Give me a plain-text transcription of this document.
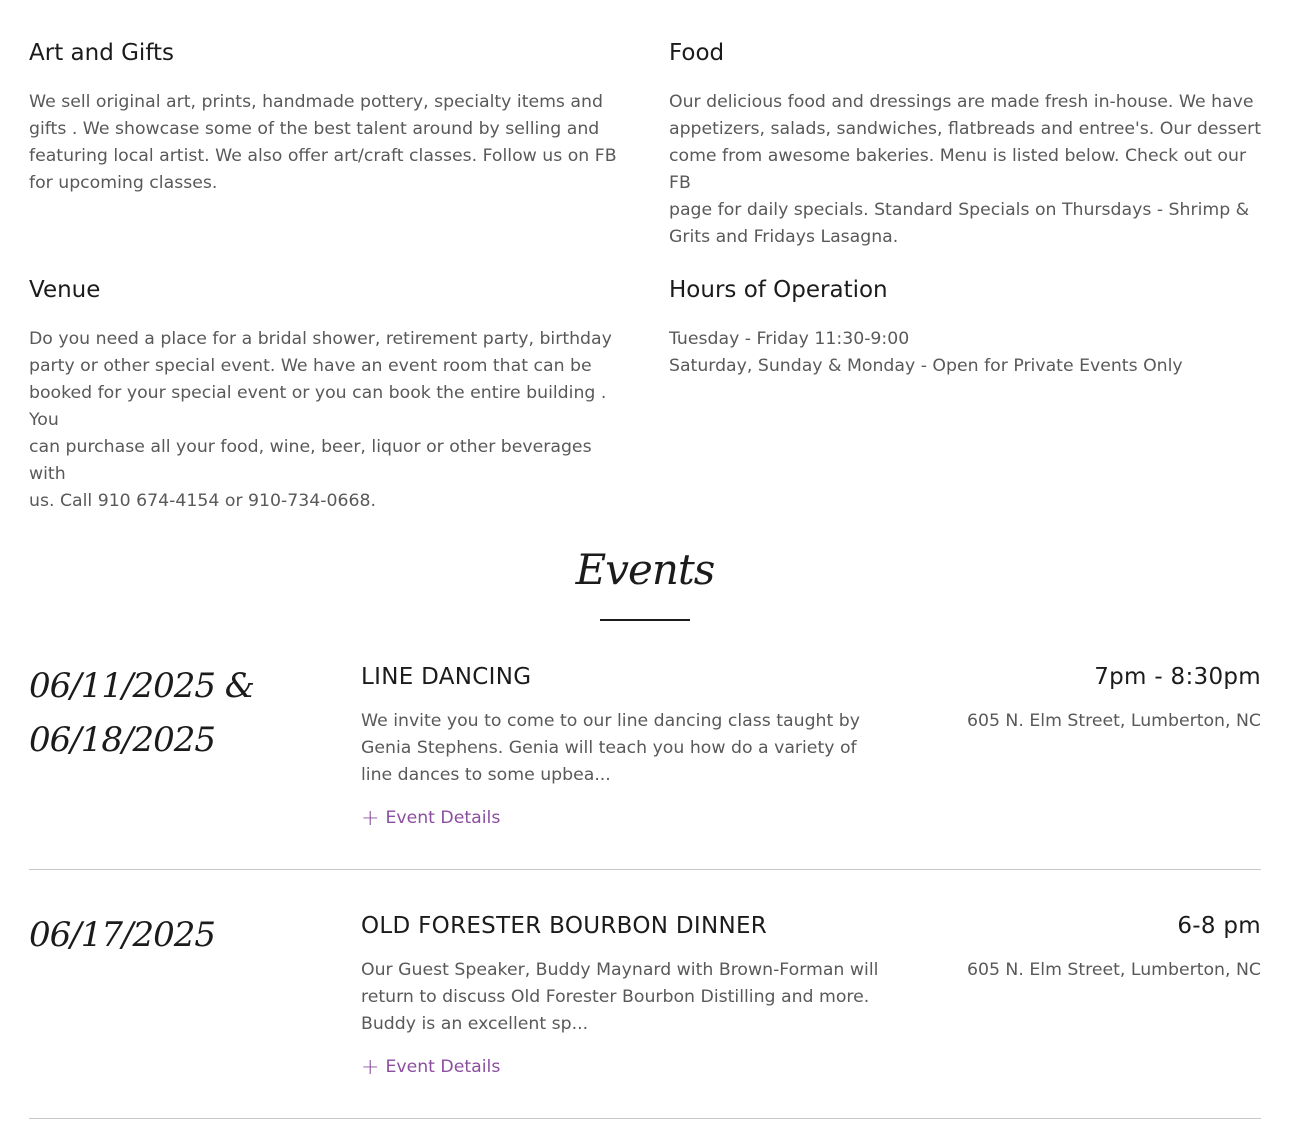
Art and Gifts

We sell original art, prints, handmade pottery, specialty items and
gifts . We showcase some of the best talent around by selling and
featuring local artist. We also offer art/craft classes. Follow us on FB
for upcoming classes.

Food

Our delicious food and dressings are made fresh in-house. We have
appetizers, salads, sandwiches, flatbreads and entree's. Our dessert
come from awesome bakeries. Menu is listed below. Check out our FB
page for daily specials. Standard Specials on Thursdays - Shrimp &
Grits and Fridays Lasagna.

Venue

Do you need a place for a bridal shower, retirement party, birthday
party or other special event. We have an event room that can be
booked for your special event or you can book the entire building . You
can purchase all your food, wine, beer, liquor or other beverages with
us. Call 910 674-4154 or 910-734-0668.

Hours of Operation

Tuesday - Friday 11:30-9:00
Saturday, Sunday & Monday - Open for Private Events Only

Events
06/11/2025 &
06/18/2025
LINE DANCING	7pm - 8:30pm
We invite you to come to our line dancing class taught by Genia Stephens. Genia will teach you how do a variety of line dances to some upbea...
605 N. Elm Street, Lumberton, NC
+ Event Details
06/17/2025	OLD FORESTER BOURBON DINNER	6-8 pm
Our Guest Speaker, Buddy Maynard with Brown-Forman will return to discuss Old Forester Bourbon Distilling and more. Buddy is an excellent sp...
605 N. Elm Street, Lumberton, NC
+ Event Details
